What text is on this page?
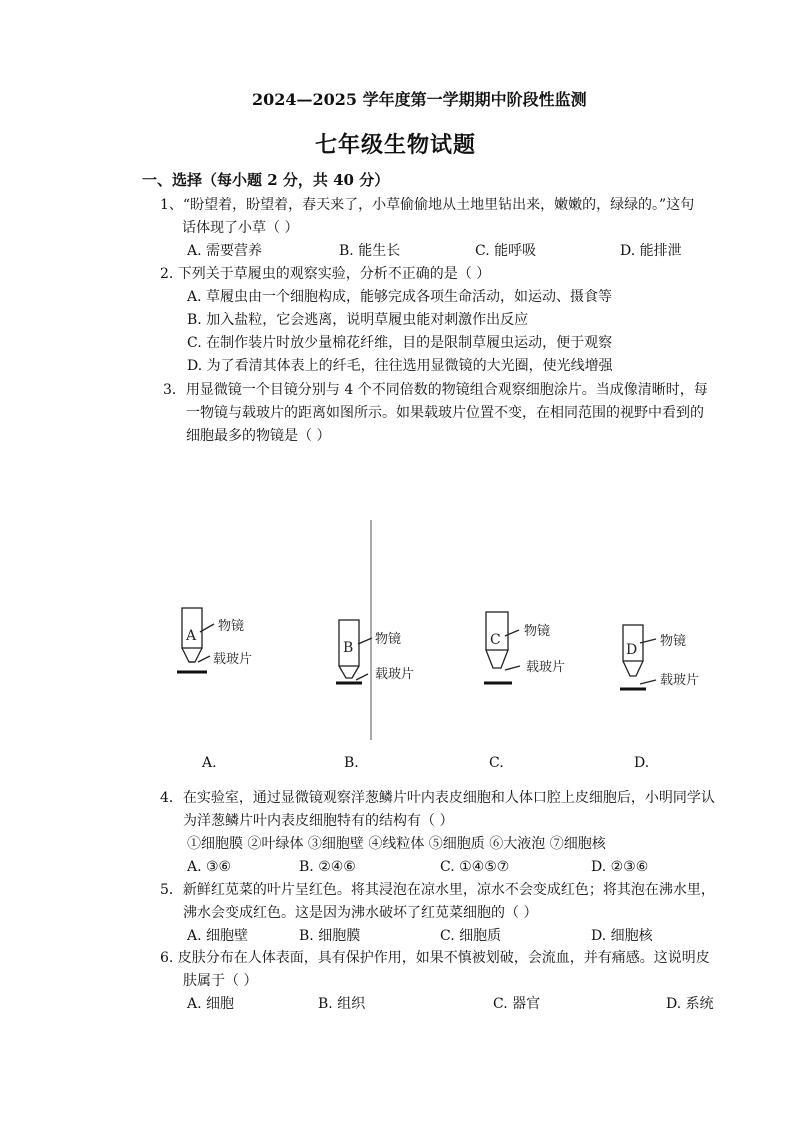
2024—2025 学年度第一学期期中阶段性监测
七年级生物试题
一、选择（每小题 2 分，共 40 分）
1、“盼望着，盼望着，春天来了，小草偷偷地从土地里钻出来，嫩嫩的，绿绿的。”这句
话体现了小草（ ）
A. 需要营养	B. 能生长	C. 能呼吸	D. 能排泄
2. 下列关于草履虫的观察实验，分析不正确的是（ ）
A. 草履虫由一个细胞构成，能够完成各项生命活动，如运动、摄食等
B. 加入盐粒，它会逃离，说明草履虫能对刺激作出反应
C. 在制作装片时放少量棉花纤维，目的是限制草履虫运动，便于观察
D. 为了看清其体表上的纤毛，往往选用显微镜的大光圈，使光线增强
3．用显微镜一个目镜分别与 4 个不同倍数的物镜组合观察细胞涂片。当成像清晰时，每
一物镜与载玻片的距离如图所示。如果载玻片位置不变，在相同范围的视野中看到的
细胞最多的物镜是（ ）
A
物镜
载玻片
B
物镜
载玻片
C
物镜
载玻片
D
物镜
载玻片
A.	B.	C.	D.
4．在实验室，通过显微镜观察洋葱鳞片叶内表皮细胞和人体口腔上皮细胞后，小明同学认
为洋葱鳞片叶内表皮细胞特有的结构有（ ）
①细胞膜 ②叶绿体 ③细胞壁 ④线粒体 ⑤细胞质 ⑥大液泡 ⑦细胞核
A. ③⑥	B. ②④⑥	C. ①④⑤⑦	D. ②③⑥
5．新鲜红苋菜的叶片呈红色。将其浸泡在凉水里，凉水不会变成红色；将其泡在沸水里，
沸水会变成红色。这是因为沸水破坏了红苋菜细胞的（ ）
A. 细胞壁	B. 细胞膜	C. 细胞质	D. 细胞核
6. 皮肤分布在人体表面，具有保护作用，如果不慎被划破，会流血，并有痛感。这说明皮
肤属于（ ）
A. 细胞	B. 组织	C. 器官	D. 系统
